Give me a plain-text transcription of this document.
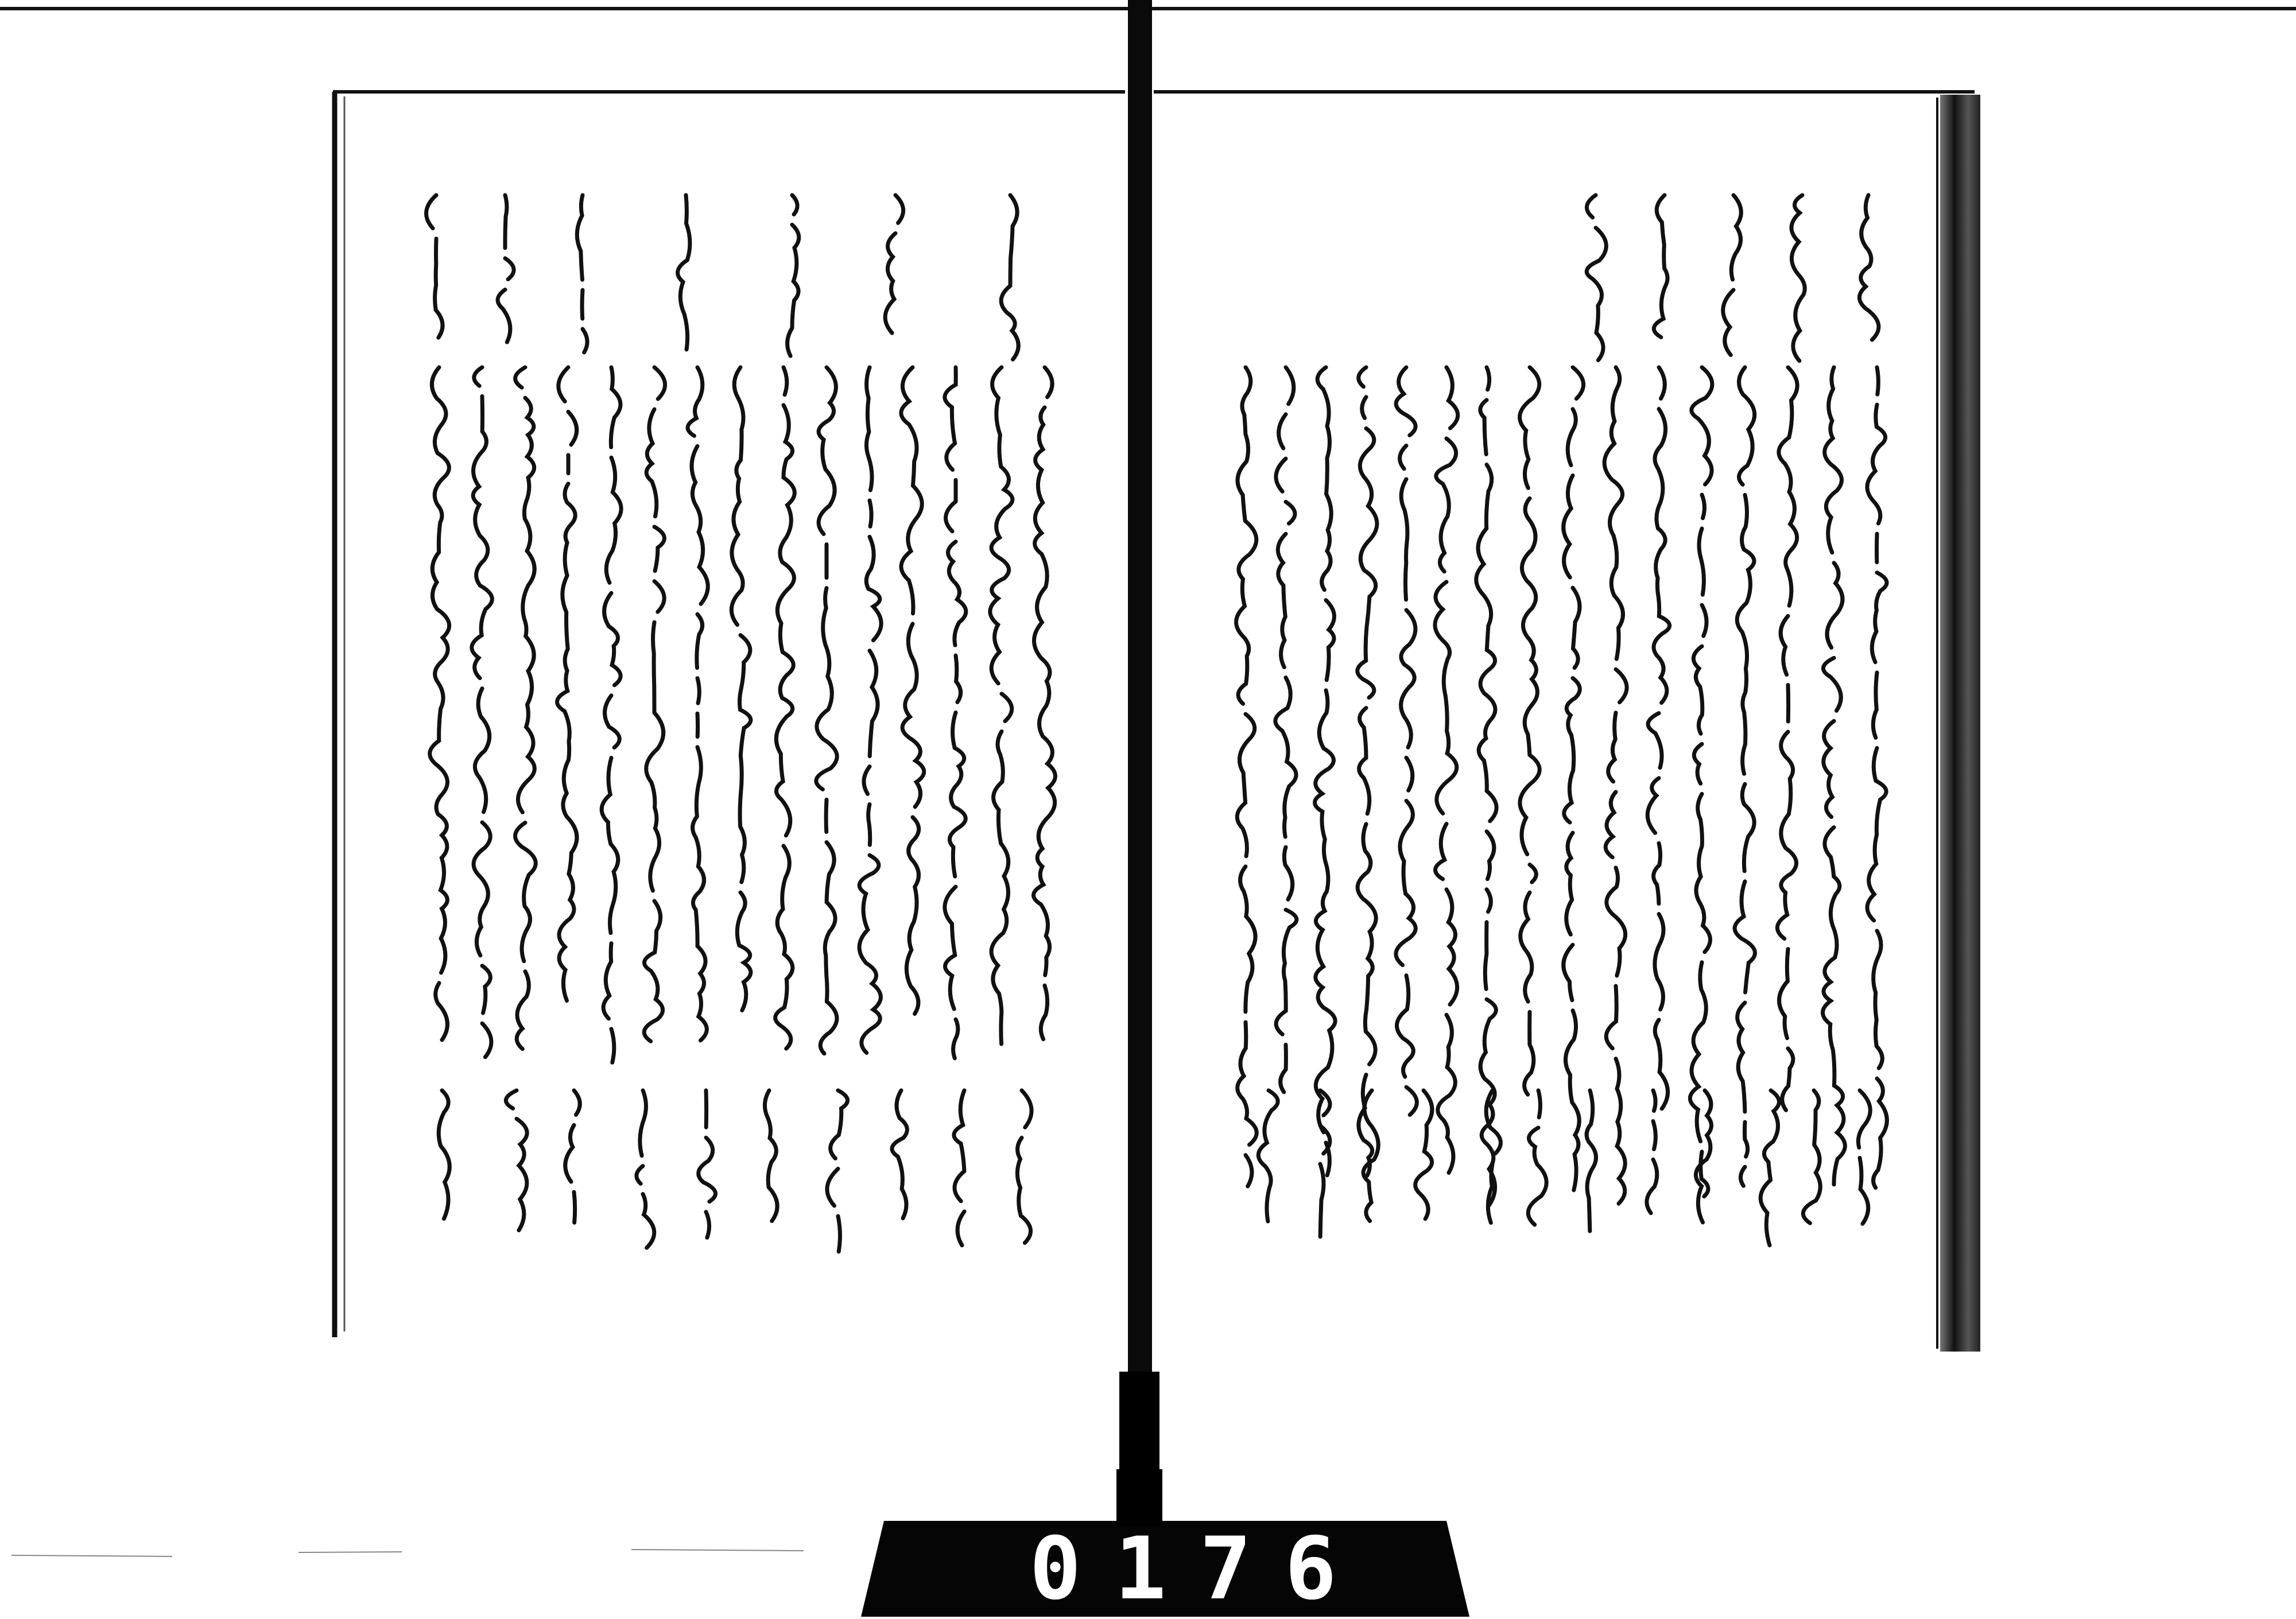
0176
